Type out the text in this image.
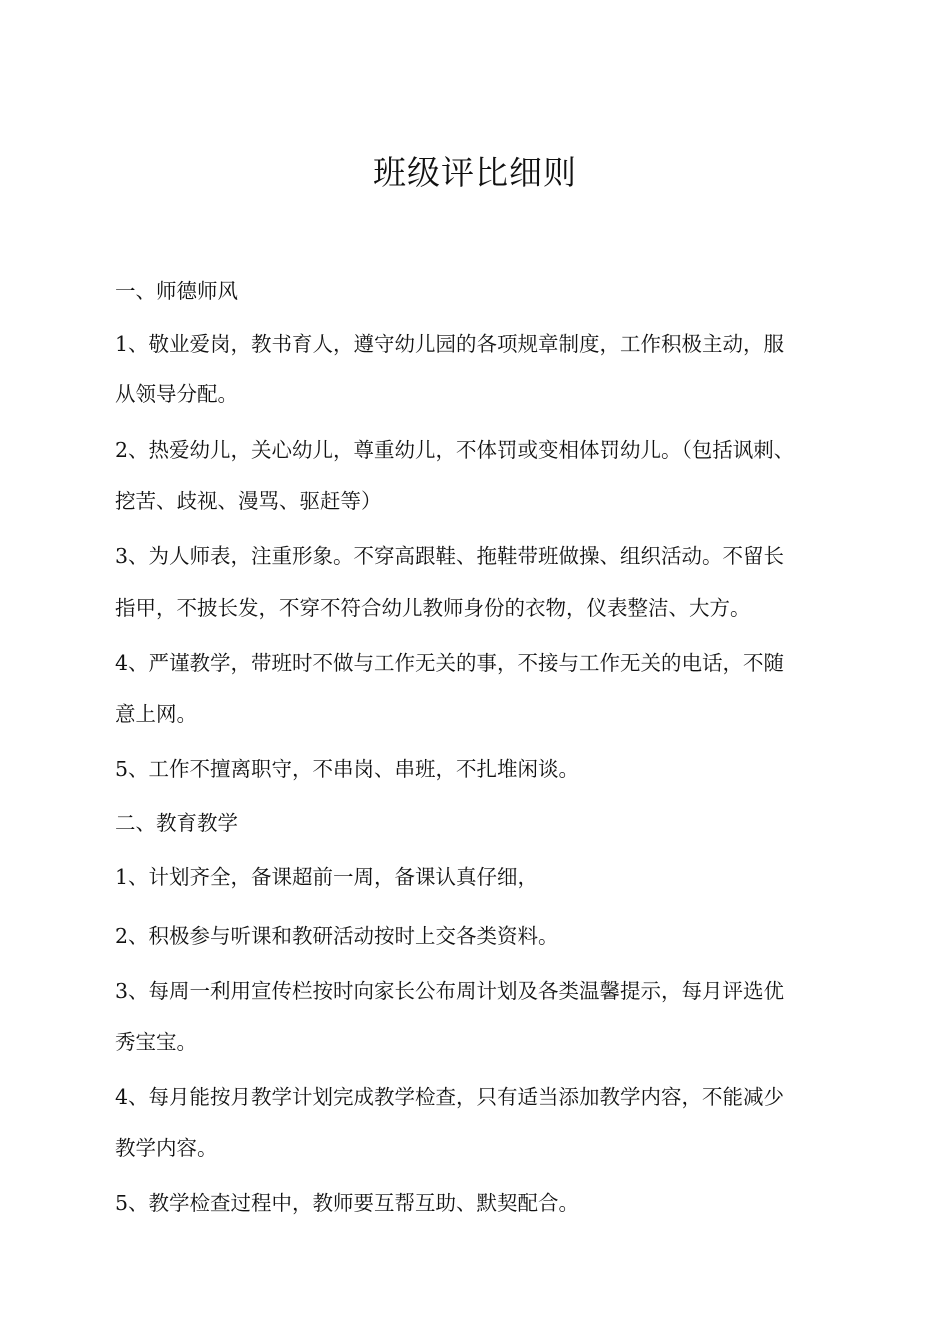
班级评比细则

一、师德师风

1、敬业爱岗，教书育人，遵守幼儿园的各项规章制度，工作积极主动，服

从领导分配。

2、热爱幼儿，关心幼儿，尊重幼儿，不体罚或变相体罚幼儿。（包括讽刺、

挖苦、歧视、漫骂、驱赶等）

3、为人师表，注重形象。不穿高跟鞋、拖鞋带班做操、组织活动。不留长

指甲，不披长发，不穿不符合幼儿教师身份的衣物，仪表整洁、大方。

4、严谨教学，带班时不做与工作无关的事，不接与工作无关的电话，不随

意上网。

5、工作不擅离职守，不串岗、串班，不扎堆闲谈。

二、教育教学

1、计划齐全，备课超前一周，备课认真仔细，

2、积极参与听课和教研活动按时上交各类资料。

3、每周一利用宣传栏按时向家长公布周计划及各类温馨提示，每月评选优

秀宝宝。

4、每月能按月教学计划完成教学检查，只有适当添加教学内容，不能减少

教学内容。

5、教学检查过程中，教师要互帮互助、默契配合。
